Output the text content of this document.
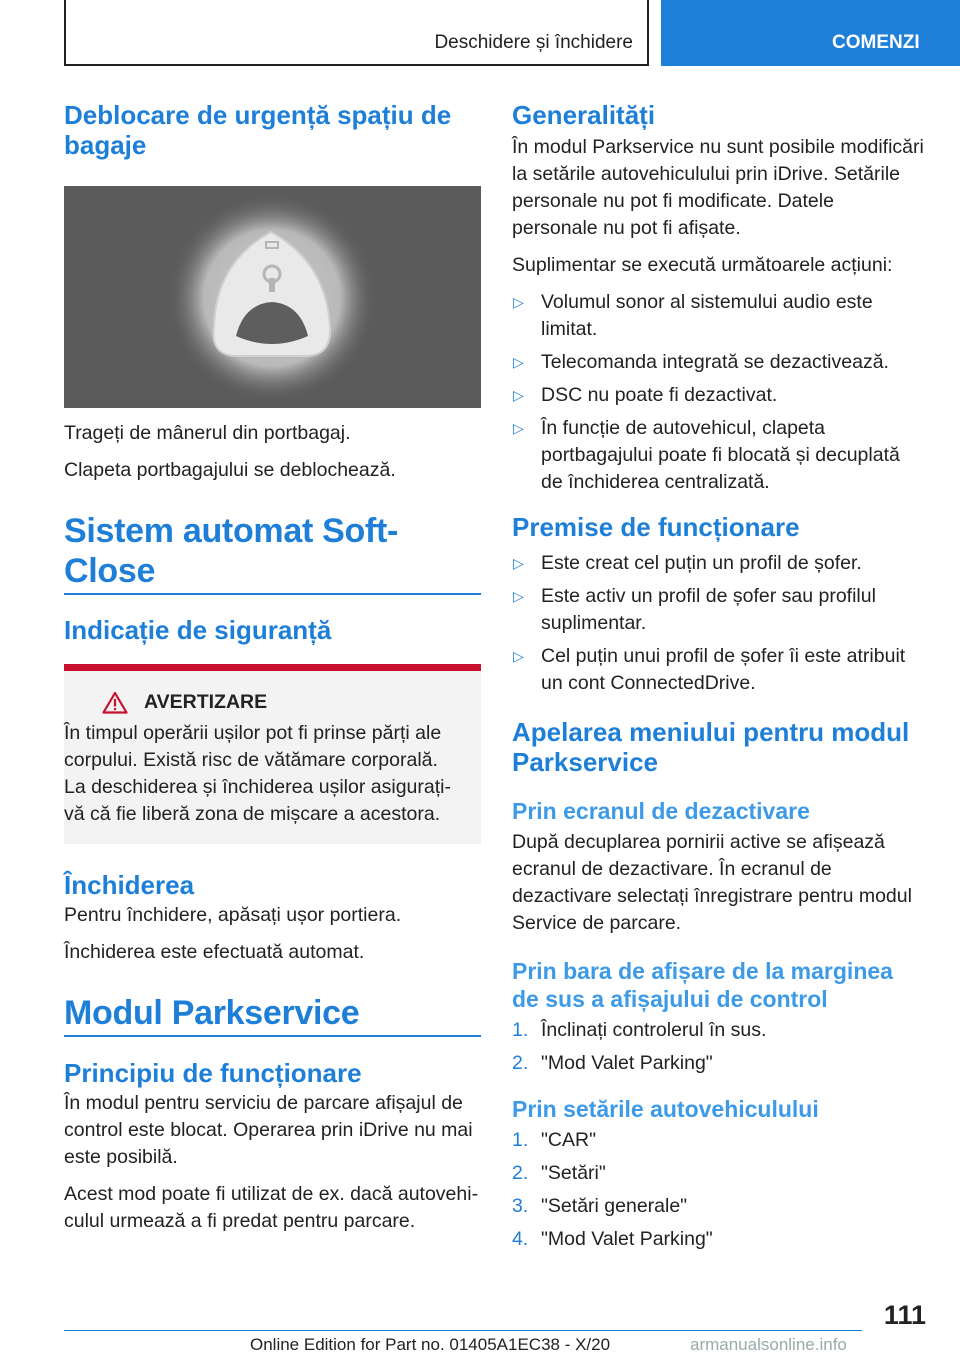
Deschidere și închidere	COMENZI
Deblocare de urgență spațiu de bagaje

Trageți de mânerul din portbagaj.

Clapeta portbagajului se deblochează.

Sistem automat Soft-Close
Indicație de siguranță
AVERTIZARE

În timpul operării ușilor pot fi prinse părți ale corpului. Există risc de vătămare corporală. La deschiderea și închiderea ușilor asigurați-vă că fie liberă zona de mișcare a acestora.

Închiderea

Pentru închidere, apăsați ușor portiera.

Închiderea este efectuată automat.

Modul Parkservice
Principiu de funcționare

În modul pentru serviciu de parcare afișajul de control este blocat. Operarea prin iDrive nu mai este posibilă.

Acest mod poate fi utilizat de ex. dacă autovehiculul urmează a fi predat pentru parcare.

Generalități

În modul Parkservice nu sunt posibile modificări la setările autovehiculului prin iDrive. Setările personale nu pot fi modificate. Datele personale nu pot fi afișate.

Suplimentar se execută următoarele acțiuni:

▷ Volumul sonor al sistemului audio este limitat.
▷ Telecomanda integrată se dezactivează.
▷ DSC nu poate fi dezactivat.
▷ În funcție de autovehicul, clapeta portbagajului poate fi blocată și decuplată de închiderea centralizată.
Premise de funcționare
▷ Este creat cel puțin un profil de șofer.
▷ Este activ un profil de șofer sau profilul suplimentar.
▷ Cel puțin unui profil de șofer îi este atribuit un cont ConnectedDrive.
Apelarea meniului pentru modul Parkservice
Prin ecranul de dezactivare

După decuplarea pornirii active se afișează ecranul de dezactivare. În ecranul de dezactivare selectați înregistrare pentru modul Service de parcare.

Prin bara de afișare de la marginea de sus a afișajului de control
1. Înclinați controlerul în sus.
2. "Mod Valet Parking"
Prin setările autovehiculului
1. "CAR"
2. "Setări"
3. "Setări generale"
4. "Mod Valet Parking"
111
Online Edition for Part no. 01405A1EC38 - X/20	armanualsonline.info
